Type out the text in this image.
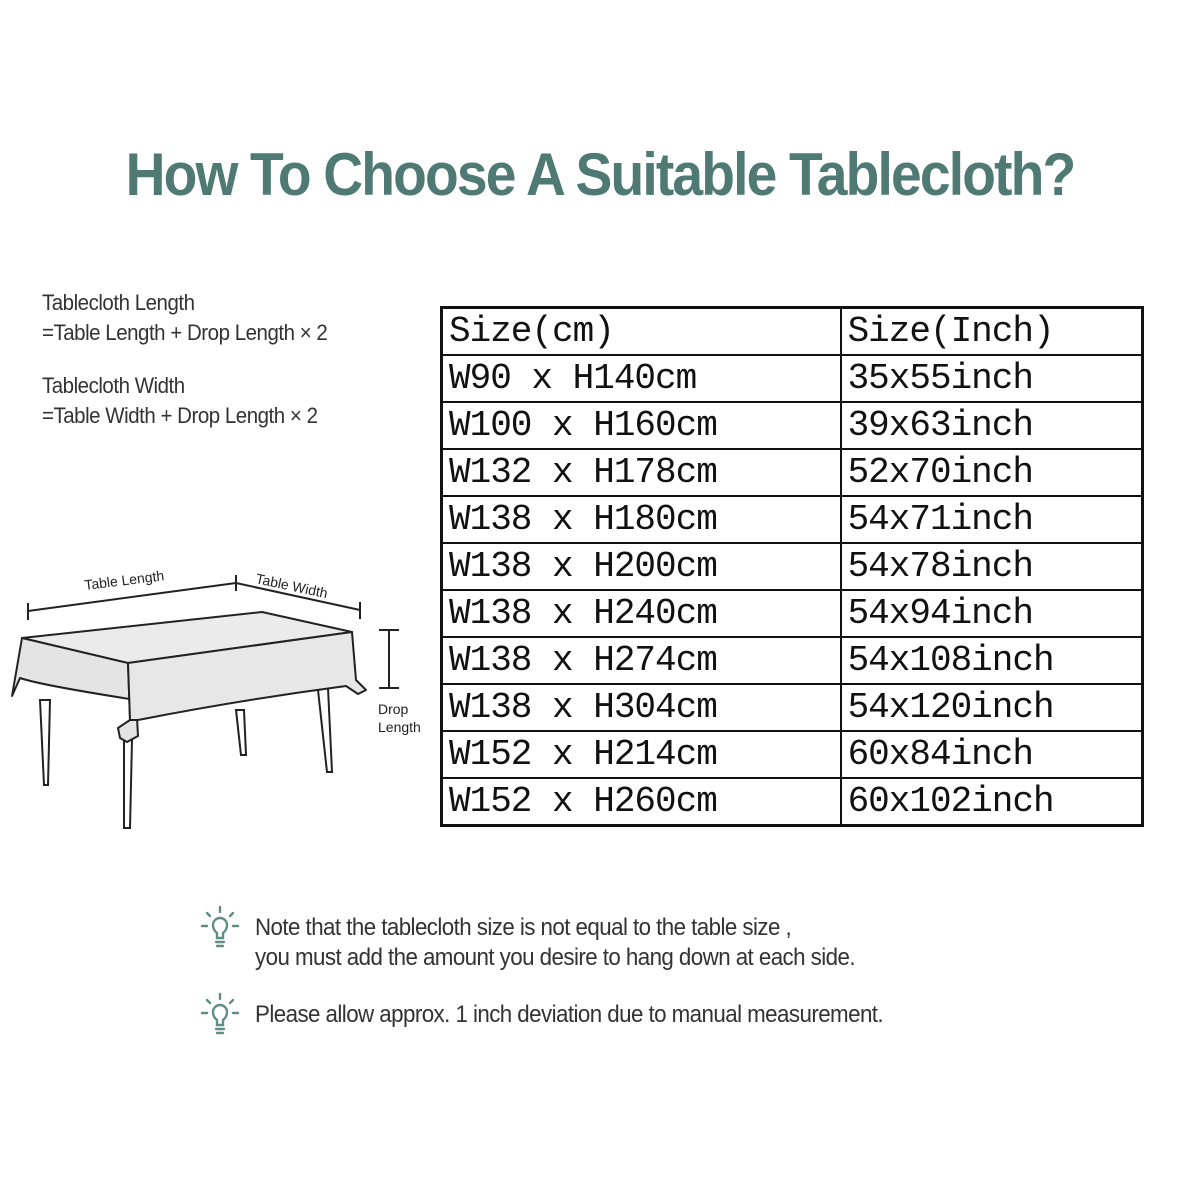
How To Choose A Suitable Tablecloth?
Tablecloth Length
=Table Length + Drop Length × 2
Tablecloth Width
=Table Width + Drop Length × 2
Table Length	Table Width
Drop
Length
Size(cm)	Size(Inch)
W90 x H140cm	35x55inch
W100 x H160cm	39x63inch
W132 x H178cm	52x70inch
W138 x H180cm	54x71inch
W138 x H200cm	54x78inch
W138 x H240cm	54x94inch
W138 x H274cm	54x108inch
W138 x H304cm	54x120inch
W152 x H214cm	60x84inch
W152 x H260cm	60x102inch
Note that the tablecloth size is not equal to the table size ,
you must add the amount you desire to hang down at each side.
Please allow approx. 1 inch deviation due to manual measurement.
